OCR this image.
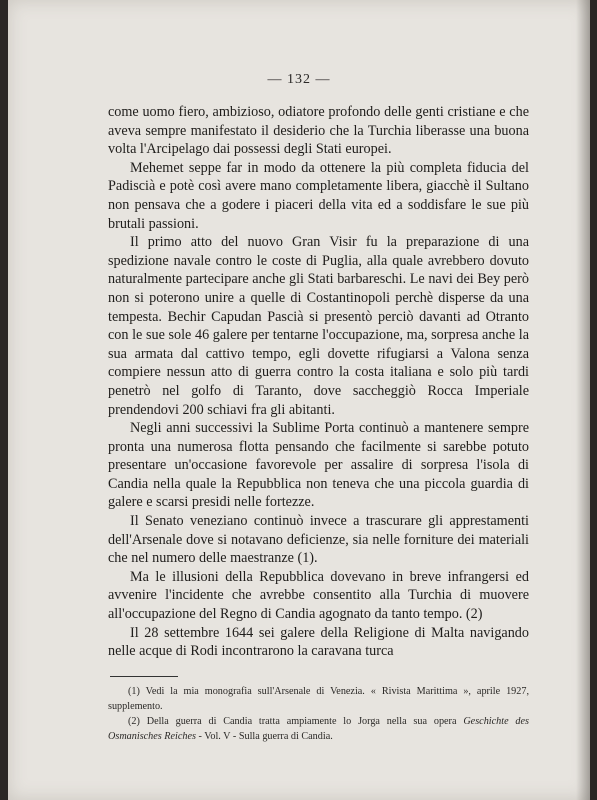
— 132 —

come uomo fiero, ambizioso, odiatore profondo delle genti cristiane e che aveva sempre manifestato il desiderio che la Turchia liberasse una buona volta l'Arcipelago dai possessi degli Stati europei.

Mehemet seppe far in modo da ottenere la più completa fiducia del Padiscià e potè così avere mano completamente libera, giacchè il Sultano non pensava che a godere i piaceri della vita ed a soddisfare le sue più brutali passioni.

Il primo atto del nuovo Gran Visir fu la preparazione di una spedizione navale contro le coste di Puglia, alla quale avrebbero dovuto naturalmente partecipare anche gli Stati barbareschi. Le navi dei Bey però non si poterono unire a quelle di Costantinopoli perchè disperse da una tempesta. Bechir Capudan Pascià si presentò perciò davanti ad Otranto con le sue sole 46 galere per tentarne l'occupazione, ma, sorpresa anche la sua armata dal cattivo tempo, egli dovette rifugiarsi a Valona senza compiere nessun atto di guerra contro la costa italiana e solo più tardi penetrò nel golfo di Taranto, dove saccheggiò Rocca Imperiale prendendovi 200 schiavi fra gli abitanti.

Negli anni successivi la Sublime Porta continuò a mantenere sempre pronta una numerosa flotta pensando che facilmente si sarebbe potuto presentare un'occasione favorevole per assalire di sorpresa l'isola di Candia nella quale la Repubblica non teneva che una piccola guardia di galere e scarsi presidi nelle fortezze.

Il Senato veneziano continuò invece a trascurare gli apprestamenti dell'Arsenale dove si notavano deficienze, sia nelle forniture dei materiali che nel numero delle maestranze (1).

Ma le illusioni della Repubblica dovevano in breve infrangersi ed avvenire l'incidente che avrebbe consentito alla Turchia di muovere all'occupazione del Regno di Candia agognato da tanto tempo. (2)

Il 28 settembre 1644 sei galere della Religione di Malta navigando nelle acque di Rodi incontrarono la caravana turca

(1) Vedi la mia monografia sull'Arsenale di Venezia. « Rivista Marittima », aprile 1927, supplemento.

(2) Della guerra di Candia tratta ampiamente lo Jorga nella sua opera Geschichte des Osmanisches Reiches - Vol. V - Sulla guerra di Candia.
